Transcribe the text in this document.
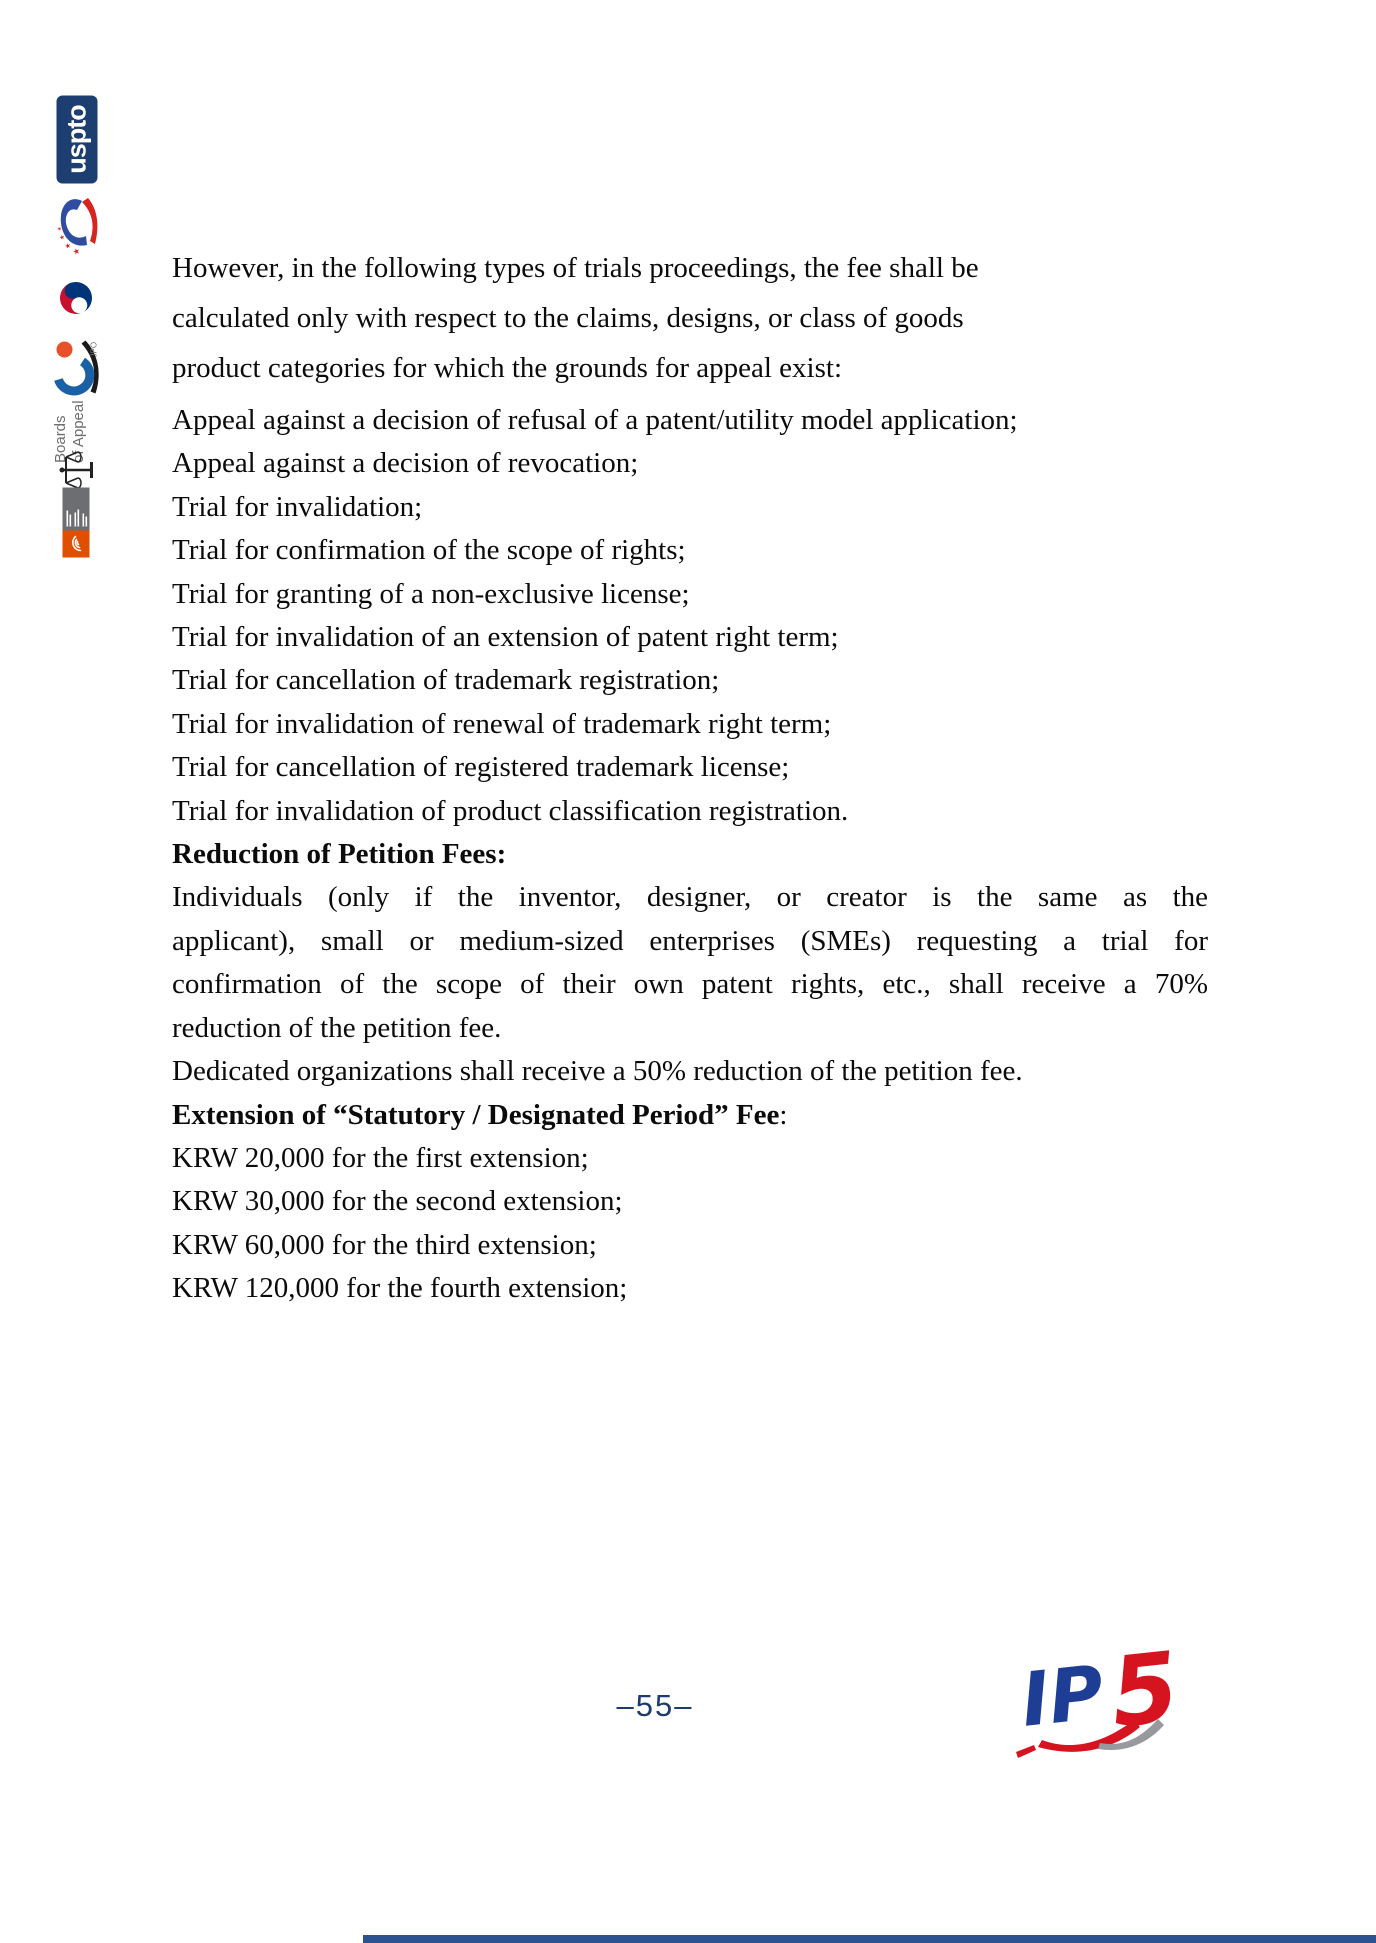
uspto
★
★
★
★
JPO
Boards of Appeal
However, in the following types of trials proceedings, the fee shall be
calculated only with respect to the claims, designs, or class of goods
product categories for which the grounds for appeal exist:
Appeal against a decision of refusal of a patent/utility model application;
Appeal against a decision of revocation;
Trial for invalidation;
Trial for confirmation of the scope of rights;
Trial for granting of a non-exclusive license;
Trial for invalidation of an extension of patent right term;
Trial for cancellation of trademark registration;
Trial for invalidation of renewal of trademark right term;
Trial for cancellation of registered trademark license;
Trial for invalidation of product classification registration.
Reduction of Petition Fees:
Individuals (only if the inventor, designer, or creator is the same as the
applicant), small or medium-sized enterprises (SMEs) requesting a trial for
confirmation of the scope of their own patent rights, etc., shall receive a 70%
reduction of the petition fee.
Dedicated organizations shall receive a 50% reduction of the petition fee.
Extension of “Statutory / Designated Period” Fee:
KRW 20,000 for the first extension;
KRW 30,000 for the second extension;
KRW 60,000 for the third extension;
KRW 120,000 for the fourth extension;
–55–	IP
5
